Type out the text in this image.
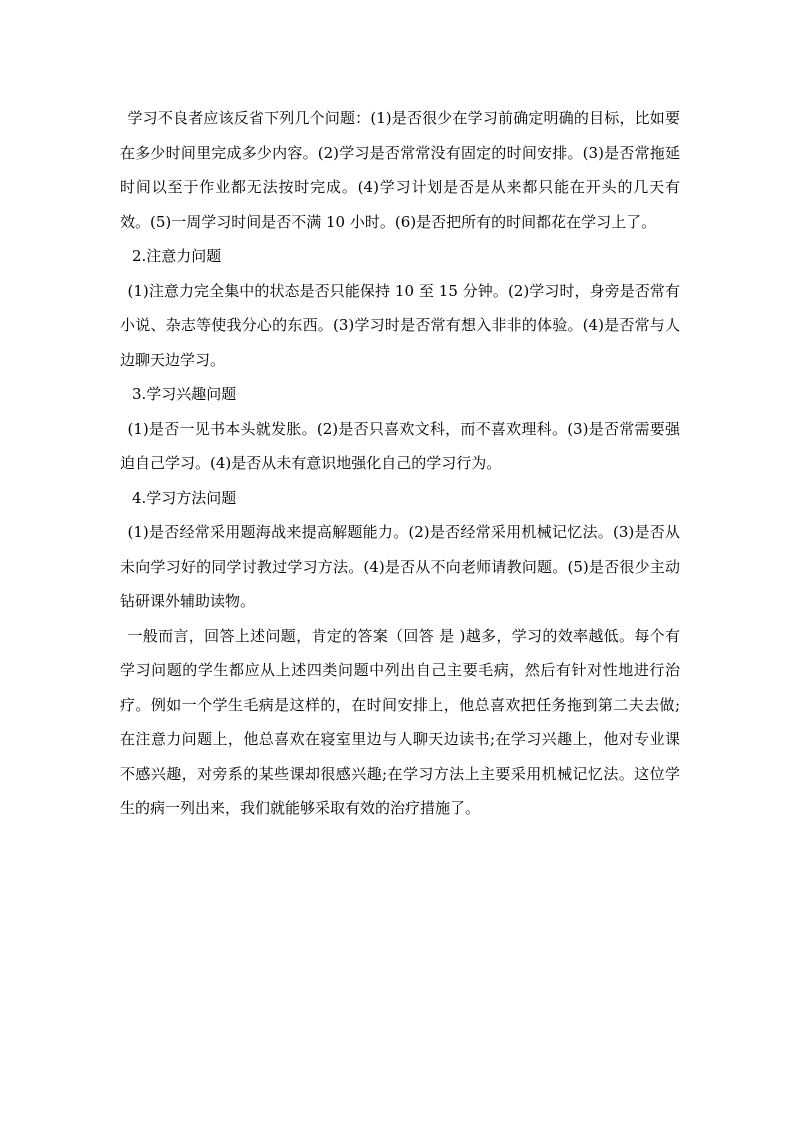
学习不良者应该反省下列几个问题：(1)是否很少在学习前确定明确的目标，比如要在多少时间里完成多少内容。(2)学习是否常常没有固定的时间安排。(3)是否常拖延时间以至于作业都无法按时完成。(4)学习计划是否是从来都只能在开头的几天有效。(5)一周学习时间是否不满 10 小时。(6)是否把所有的时间都花在学习上了。

2.注意力问题

(1)注意力完全集中的状态是否只能保持 10 至 15 分钟。(2)学习时，身旁是否常有小说、杂志等使我分心的东西。(3)学习时是否常有想入非非的体验。(4)是否常与人边聊天边学习。

3.学习兴趣问题

(1)是否一见书本头就发胀。(2)是否只喜欢文科，而不喜欢理科。(3)是否常需要强迫自己学习。(4)是否从未有意识地强化自己的学习行为。

4.学习方法问题

(1)是否经常采用题海战来提高解题能力。(2)是否经常采用机械记忆法。(3)是否从未向学习好的同学讨教过学习方法。(4)是否从不向老师请教问题。(5)是否很少主动钻研课外辅助读物。

一般而言，回答上述问题，肯定的答案（回答 是 )越多，学习的效率越低。每个有学习问题的学生都应从上述四类问题中列出自己主要毛病，然后有针对性地进行治疗。例如一个学生毛病是这样的，在时间安排上，他总喜欢把任务拖到第二夫去做;在注意力问题上，他总喜欢在寝室里边与人聊天边读书;在学习兴趣上，他对专业课不感兴趣，对旁系的某些课却很感兴趣;在学习方法上主要采用机械记忆法。这位学生的病一列出来，我们就能够采取有效的治疗措施了。
